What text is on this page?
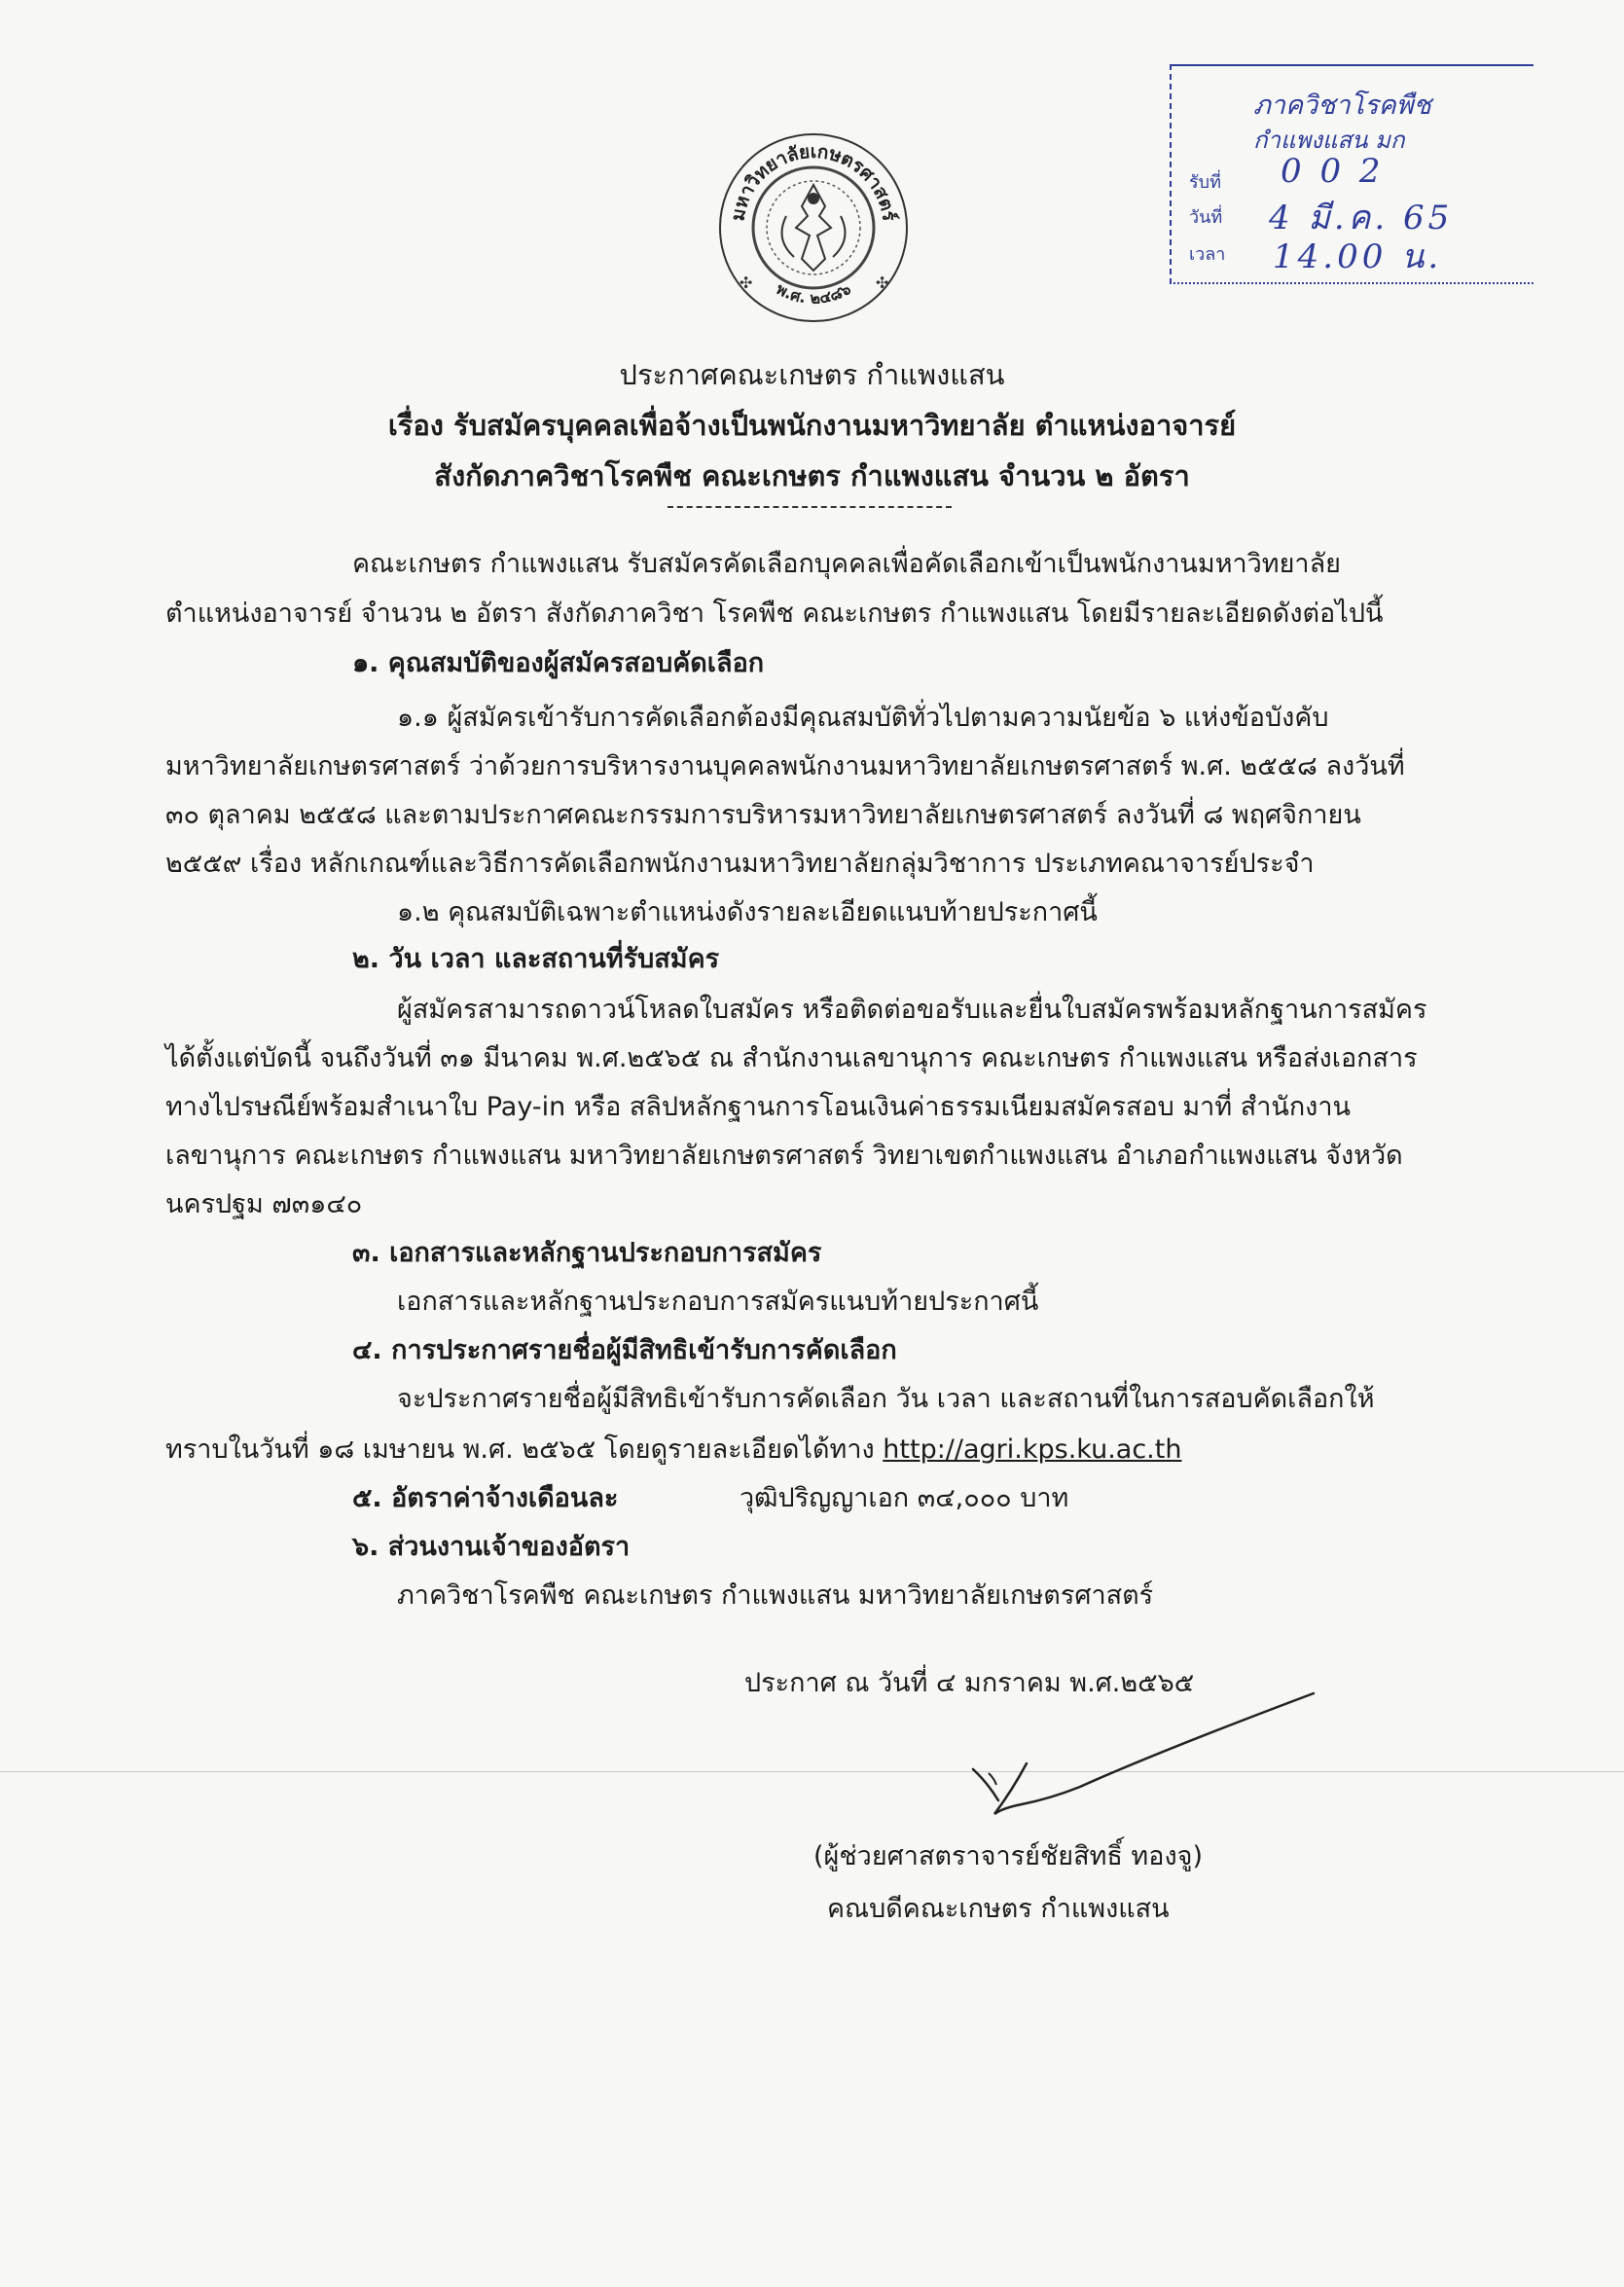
มหาวิทยาลัยเกษตรศาสตร์
พ.ศ. ๒๔๘๖
✣	✣
ภาควิชาโรคพืช
กำแพงแสน มก
รับที่ 0 0 2
วันที่ 4 มี.ค. 65
เวลา 14.00 น.
ประกาศคณะเกษตร กำแพงแสน
เรื่อง รับสมัครบุคคลเพื่อจ้างเป็นพนักงานมหาวิทยาลัย ตำแหน่งอาจารย์
สังกัดภาควิชาโรคพืช คณะเกษตร กำแพงแสน จำนวน ๒ อัตรา
คณะเกษตร กำแพงแสน รับสมัครคัดเลือกบุคคลเพื่อคัดเลือกเข้าเป็นพนักงานมหาวิทยาลัย
ตำแหน่งอาจารย์ จำนวน ๒ อัตรา สังกัดภาควิชา โรคพืช คณะเกษตร กำแพงแสน โดยมีรายละเอียดดังต่อไปนี้
๑. คุณสมบัติของผู้สมัครสอบคัดเลือก
๑.๑ ผู้สมัครเข้ารับการคัดเลือกต้องมีคุณสมบัติทั่วไปตามความนัยข้อ ๖ แห่งข้อบังคับ
มหาวิทยาลัยเกษตรศาสตร์ ว่าด้วยการบริหารงานบุคคลพนักงานมหาวิทยาลัยเกษตรศาสตร์ พ.ศ. ๒๕๕๘ ลงวันที่
๓๐ ตุลาคม ๒๕๕๘ และตามประกาศคณะกรรมการบริหารมหาวิทยาลัยเกษตรศาสตร์ ลงวันที่ ๘ พฤศจิกายน
๒๕๕๙ เรื่อง หลักเกณฑ์และวิธีการคัดเลือกพนักงานมหาวิทยาลัยกลุ่มวิชาการ ประเภทคณาจารย์ประจำ
๑.๒ คุณสมบัติเฉพาะตำแหน่งดังรายละเอียดแนบท้ายประกาศนี้
๒. วัน เวลา และสถานที่รับสมัคร
ผู้สมัครสามารถดาวน์โหลดใบสมัคร หรือติดต่อขอรับและยื่นใบสมัครพร้อมหลักฐานการสมัคร
ได้ตั้งแต่บัดนี้ จนถึงวันที่ ๓๑ มีนาคม พ.ศ.๒๕๖๕ ณ สำนักงานเลขานุการ คณะเกษตร กำแพงแสน หรือส่งเอกสาร
ทางไปรษณีย์พร้อมสำเนาใบ Pay-in หรือ สลิปหลักฐานการโอนเงินค่าธรรมเนียมสมัครสอบ มาที่ สำนักงาน
เลขานุการ คณะเกษตร กำแพงแสน มหาวิทยาลัยเกษตรศาสตร์ วิทยาเขตกำแพงแสน อำเภอกำแพงแสน จังหวัด
นครปฐม ๗๓๑๔๐
๓. เอกสารและหลักฐานประกอบการสมัคร
เอกสารและหลักฐานประกอบการสมัครแนบท้ายประกาศนี้
๔. การประกาศรายชื่อผู้มีสิทธิเข้ารับการคัดเลือก
จะประกาศรายชื่อผู้มีสิทธิเข้ารับการคัดเลือก วัน เวลา และสถานที่ในการสอบคัดเลือกให้
ทราบในวันที่ ๑๘ เมษายน พ.ศ. ๒๕๖๕ โดยดูรายละเอียดได้ทาง http://agri.kps.ku.ac.th
๕. อัตราค่าจ้างเดือนละ	วุฒิปริญญาเอก ๓๔,๐๐๐ บาท
๖. ส่วนงานเจ้าของอัตรา
ภาควิชาโรคพืช คณะเกษตร กำแพงแสน มหาวิทยาลัยเกษตรศาสตร์
ประกาศ ณ วันที่ ๔ มกราคม พ.ศ.๒๕๖๕
(ผู้ช่วยศาสตราจารย์ชัยสิทธิ์ ทองจู)
คณบดีคณะเกษตร กำแพงแสน
